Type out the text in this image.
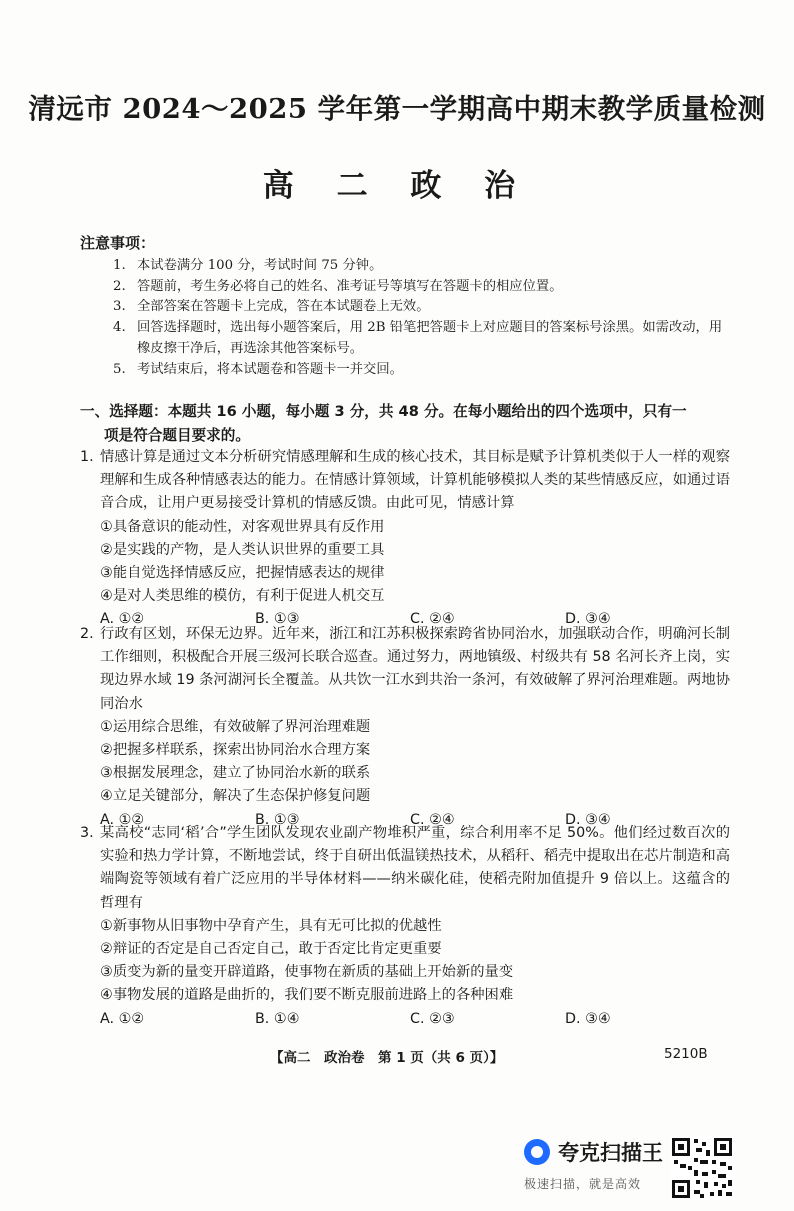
清远市 2024～2025 学年第一学期高中期末教学质量检测
高 二 政 治
注意事项：
1. 本试卷满分 100 分，考试时间 75 分钟。
2. 答题前，考生务必将自己的姓名、准考证号等填写在答题卡的相应位置。
3. 全部答案在答题卡上完成，答在本试题卷上无效。
4. 回答选择题时，选出每小题答案后，用 2B 铅笔把答题卡上对应题目的答案标号涂黑。如需改动，用橡皮擦干净后，再选涂其他答案标号。
5. 考试结束后，将本试题卷和答题卡一并交回。
一、选择题：本题共 16 小题，每小题 3 分，共 48 分。在每小题给出的四个选项中，只有一
项是符合题目要求的。
1. 情感计算是通过文本分析研究情感理解和生成的核心技术，其目标是赋予计算机类似于人一样的观察理解和生成各种情感表达的能力。在情感计算领域，计算机能够模拟人类的某些情感反应，如通过语音合成，让用户更易接受计算机的情感反馈。由此可见，情感计算
①具备意识的能动性，对客观世界具有反作用
②是实践的产物，是人类认识世界的重要工具
③能自觉选择情感反应，把握情感表达的规律
④是对人类思维的模仿，有利于促进人机交互
A. ①②	B. ①③	C. ②④	D. ③④
2. 行政有区划，环保无边界。近年来，浙江和江苏积极探索跨省协同治水，加强联动合作，明确河长制工作细则，积极配合开展三级河长联合巡查。通过努力，两地镇级、村级共有 58 名河长齐上岗，实现边界水域 19 条河湖河长全覆盖。从共饮一江水到共治一条河，有效破解了界河治理难题。两地协同治水
①运用综合思维，有效破解了界河治理难题
②把握多样联系，探索出协同治水合理方案
③根据发展理念，建立了协同治水新的联系
④立足关键部分，解决了生态保护修复问题
A. ①②	B. ①③	C. ②④	D. ③④
3. 某高校“志同‘稻’合”学生团队发现农业副产物堆积严重，综合利用率不足 50%。他们经过数百次的实验和热力学计算，不断地尝试，终于自研出低温镁热技术，从稻秆、稻壳中提取出在芯片制造和高端陶瓷等领域有着广泛应用的半导体材料——纳米碳化硅，使稻壳附加值提升 9 倍以上。这蕴含的哲理有
①新事物从旧事物中孕育产生，具有无可比拟的优越性
②辩证的否定是自己否定自己，敢于否定比肯定更重要
③质变为新的量变开辟道路，使事物在新质的基础上开始新的量变
④事物发展的道路是曲折的，我们要不断克服前进路上的各种困难
A. ①②	B. ①④	C. ②③	D. ③④
【高二　政治卷　第 1 页（共 6 页）】	5210B
夸克扫描王
极速扫描，就是高效
